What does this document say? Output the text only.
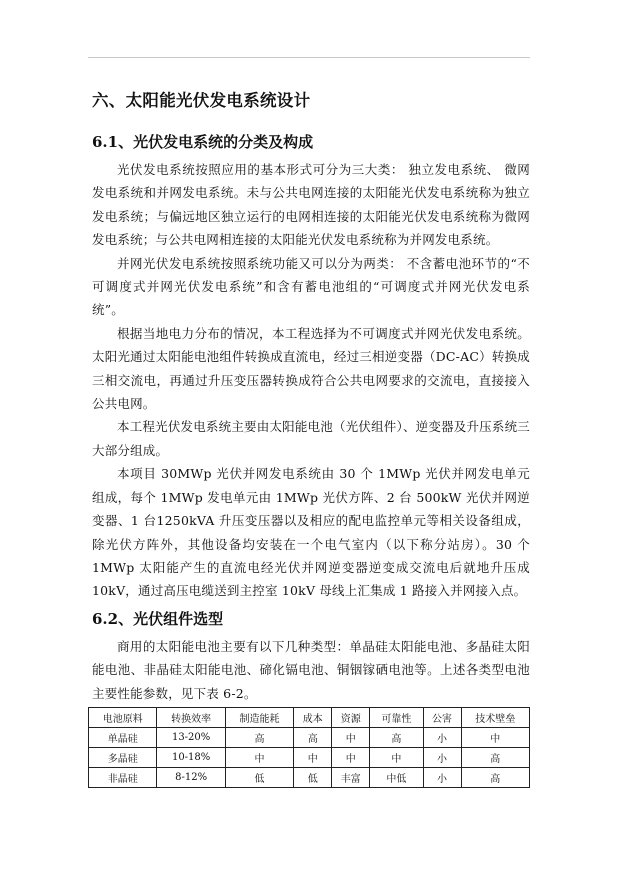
六、太阳能光伏发电系统设计
6.1、光伏发电系统的分类及构成

光伏发电系统按照应用的基本形式可分为三大类： 独立发电系统、 微网发电系统和并网发电系统。未与公共电网连接的太阳能光伏发电系统称为独立发电系统；与偏远地区独立运行的电网相连接的太阳能光伏发电系统称为微网发电系统；与公共电网相连接的太阳能光伏发电系统称为并网发电系统。

并网光伏发电系统按照系统功能又可以分为两类： 不含蓄电池环节的“不可调度式并网光伏发电系统”和含有蓄电池组的“可调度式并网光伏发电系统”。

根据当地电力分布的情况，本工程选择为不可调度式并网光伏发电系统。太阳光通过太阳能电池组件转换成直流电，经过三相逆变器（DC-AC）转换成三相交流电，再通过升压变压器转换成符合公共电网要求的交流电，直接接入公共电网。

本工程光伏发电系统主要由太阳能电池（光伏组件）、逆变器及升压系统三大部分组成。

本项目 30MWp 光伏并网发电系统由 30 个 1MWp 光伏并网发电单元组成，每个 1MWp 发电单元由 1MWp 光伏方阵、2 台 500kW 光伏并网逆变器、1 台1250kVA 升压变压器以及相应的配电监控单元等相关设备组成，除光伏方阵外，其他设备均安装在一个电气室内（以下称分站房）。30 个 1MWp 太阳能产生的直流电经光伏并网逆变器逆变成交流电后就地升压成 10kV，通过高压电缆送到主控室 10kV 母线上汇集成 1 路接入并网接入点。

6.2、光伏组件选型

商用的太阳能电池主要有以下几种类型：单晶硅太阳能电池、多晶硅太阳能电池、非晶硅太阳能电池、碲化镉电池、铜铟镓硒电池等。上述各类型电池主要性能参数，见下表 6-2。

电池原料	转换效率	制造能耗	成本	资源	可靠性	公害	技术壁垒
单晶硅	13-20%	高	高	中	高	小	中
多晶硅	10-18%	中	中	中	中	小	高
非晶硅	8-12%	低	低	丰富	中低	小	高
